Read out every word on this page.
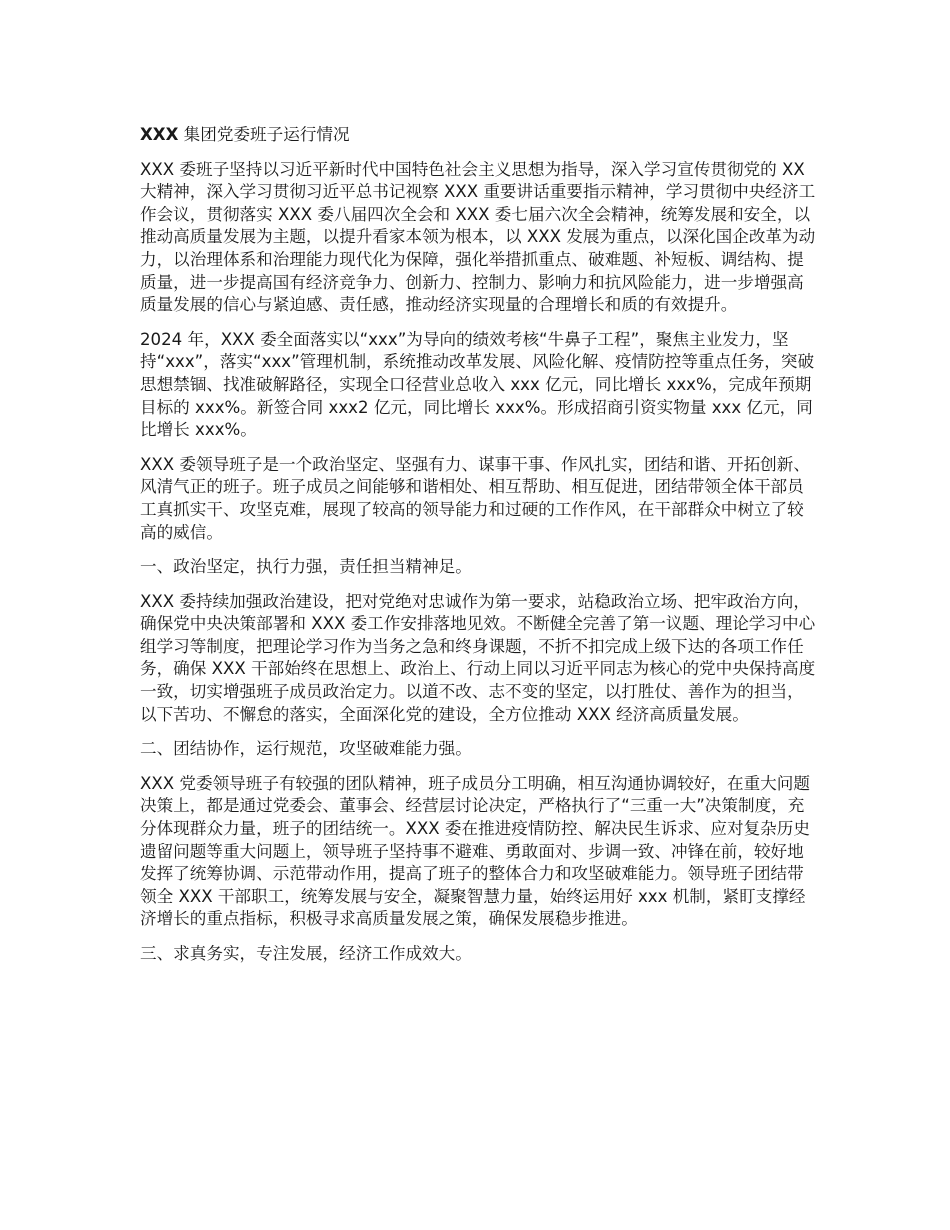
XXX 集团党委班子运行情况

XXX 委班子坚持以习近平新时代中国特色社会主义思想为指导，深入学习宣传贯彻党的 XX 大精神，深入学习贯彻习近平总书记视察 XXX 重要讲话重要指示精神，学习贯彻中央经济工作会议，贯彻落实 XXX 委八届四次全会和 XXX 委七届六次全会精神，统筹发展和安全，以推动高质量发展为主题，以提升看家本领为根本，以 XXX 发展为重点，以深化国企改革为动力，以治理体系和治理能力现代化为保障，强化举措抓重点、破难题、补短板、调结构、提质量，进一步提高国有经济竞争力、创新力、控制力、影响力和抗风险能力，进一步增强高质量发展的信心与紧迫感、责任感，推动经济实现量的合理增长和质的有效提升。

2024 年，XXX 委全面落实以“xxx”为导向的绩效考核“牛鼻子工程”，聚焦主业发力，坚持“xxx”，落实“xxx”管理机制，系统推动改革发展、风险化解、疫情防控等重点任务，突破思想禁锢、找准破解路径，实现全口径营业总收入 xxx 亿元，同比增长 xxx%，完成年预期目标的 xxx%。新签合同 xxx2 亿元，同比增长 xxx%。形成招商引资实物量 xxx 亿元，同比增长 xxx%。

XXX 委领导班子是一个政治坚定、坚强有力、谋事干事、作风扎实，团结和谐、开拓创新、风清气正的班子。班子成员之间能够和谐相处、相互帮助、相互促进，团结带领全体干部员工真抓实干、攻坚克难，展现了较高的领导能力和过硬的工作作风，在干部群众中树立了较高的威信。

一、政治坚定，执行力强，责任担当精神足。

XXX 委持续加强政治建设，把对党绝对忠诚作为第一要求，站稳政治立场、把牢政治方向，确保党中央决策部署和 XXX 委工作安排落地见效。不断健全完善了第一议题、理论学习中心组学习等制度，把理论学习作为当务之急和终身课题，不折不扣完成上级下达的各项工作任务，确保 XXX 干部始终在思想上、政治上、行动上同以习近平同志为核心的党中央保持高度一致，切实增强班子成员政治定力。以道不改、志不变的坚定，以打胜仗、善作为的担当，以下苦功、不懈怠的落实，全面深化党的建设，全方位推动 XXX 经济高质量发展。

二、团结协作，运行规范，攻坚破难能力强。

XXX 党委领导班子有较强的团队精神，班子成员分工明确，相互沟通协调较好，在重大问题决策上，都是通过党委会、董事会、经营层讨论决定，严格执行了“三重一大”决策制度，充分体现群众力量，班子的团结统一。XXX 委在推进疫情防控、解决民生诉求、应对复杂历史遗留问题等重大问题上，领导班子坚持事不避难、勇敢面对、步调一致、冲锋在前，较好地发挥了统筹协调、示范带动作用，提高了班子的整体合力和攻坚破难能力。领导班子团结带领全 XXX 干部职工，统筹发展与安全，凝聚智慧力量，始终运用好 xxx 机制，紧盯支撑经济增长的重点指标，积极寻求高质量发展之策，确保发展稳步推进。

三、求真务实，专注发展，经济工作成效大。
